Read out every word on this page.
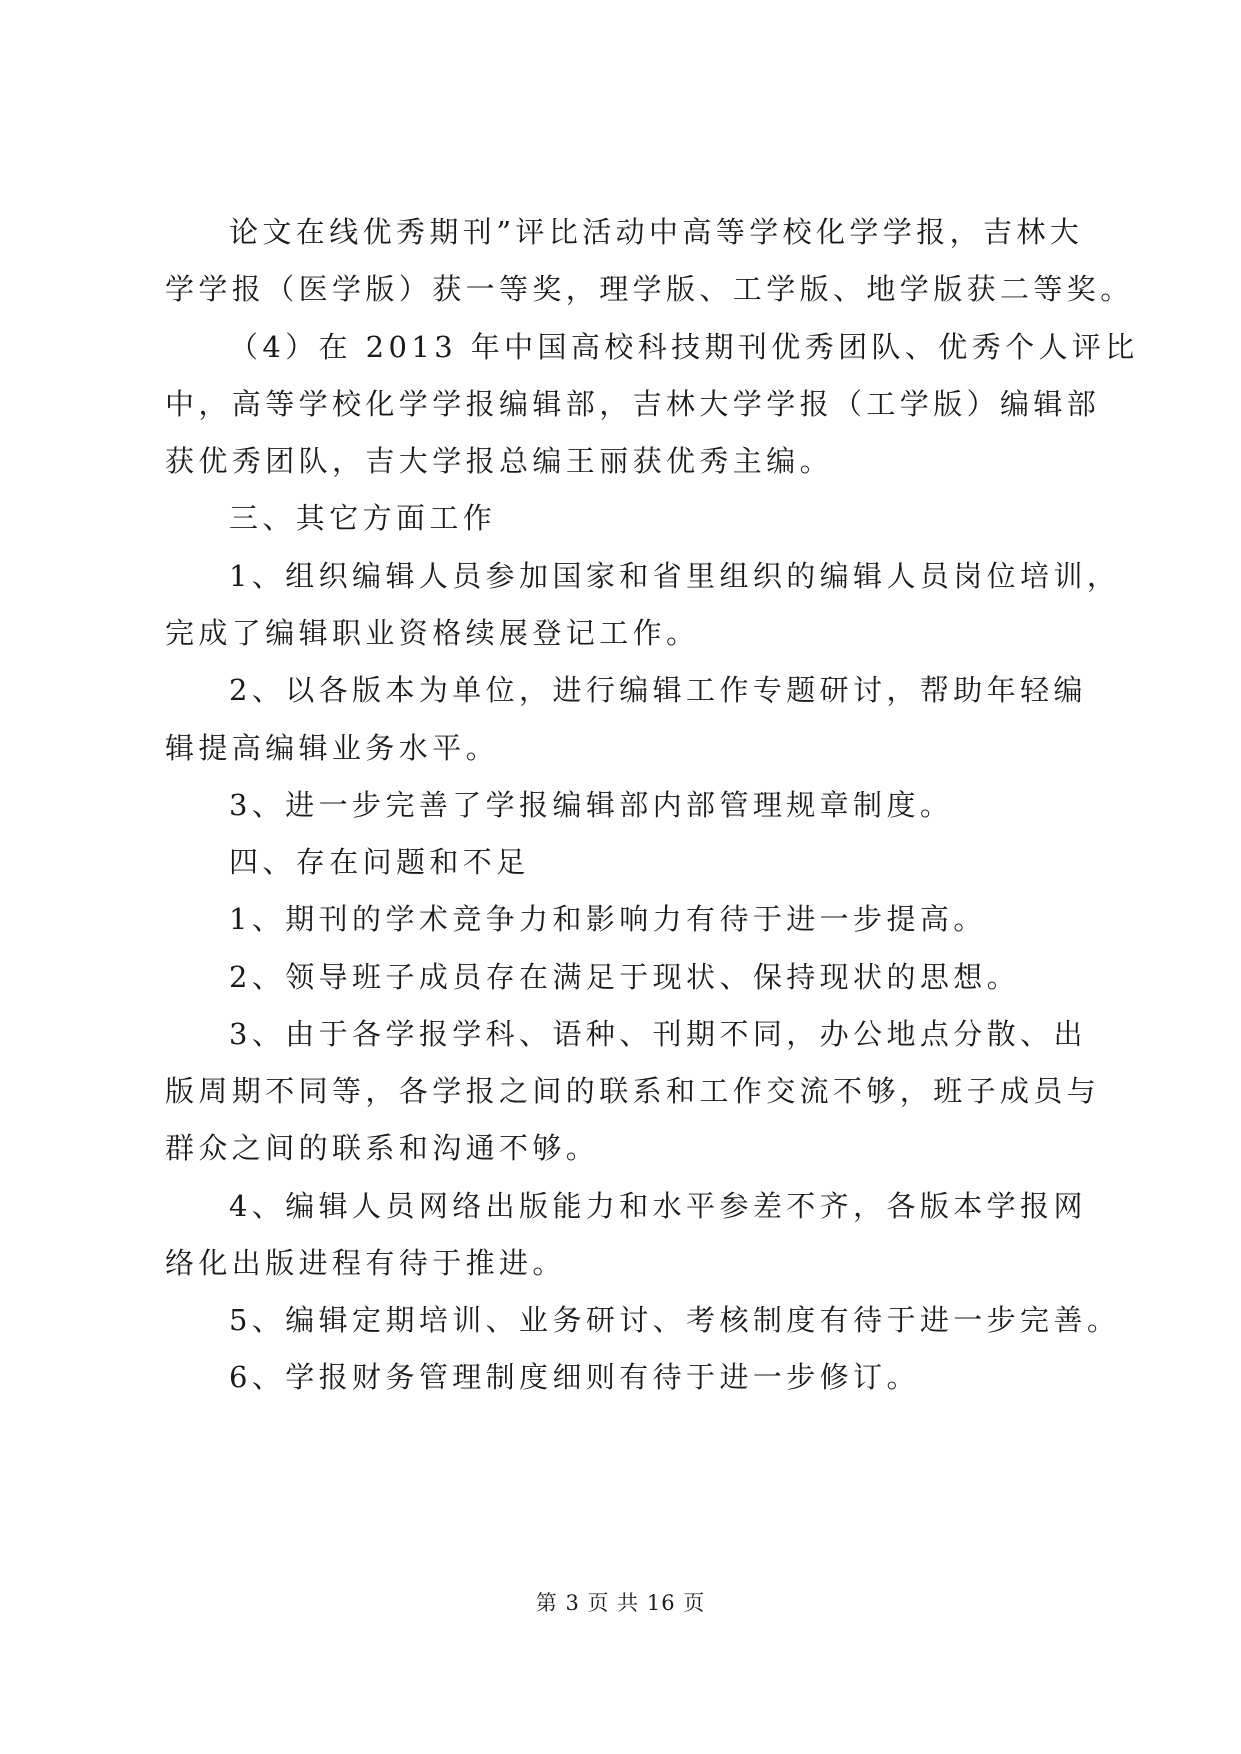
论文在线优秀期刊”评比活动中高等学校化学学报，吉林大
学学报（医学版）获一等奖，理学版、工学版、地学版获二等奖。
（4）在 2013 年中国高校科技期刊优秀团队、优秀个人评比
中，高等学校化学学报编辑部，吉林大学学报（工学版）编辑部
获优秀团队，吉大学报总编王丽获优秀主编。
三、其它方面工作
1、组织编辑人员参加国家和省里组织的编辑人员岗位培训，
完成了编辑职业资格续展登记工作。
2、以各版本为单位，进行编辑工作专题研讨，帮助年轻编
辑提高编辑业务水平。
3、进一步完善了学报编辑部内部管理规章制度。
四、存在问题和不足
1、期刊的学术竞争力和影响力有待于进一步提高。
2、领导班子成员存在满足于现状、保持现状的思想。
3、由于各学报学科、语种、刊期不同，办公地点分散、出
版周期不同等，各学报之间的联系和工作交流不够，班子成员与
群众之间的联系和沟通不够。
4、编辑人员网络出版能力和水平参差不齐，各版本学报网
络化出版进程有待于推进。
5、编辑定期培训、业务研讨、考核制度有待于进一步完善。
6、学报财务管理制度细则有待于进一步修订。
第 3 页 共 16 页
